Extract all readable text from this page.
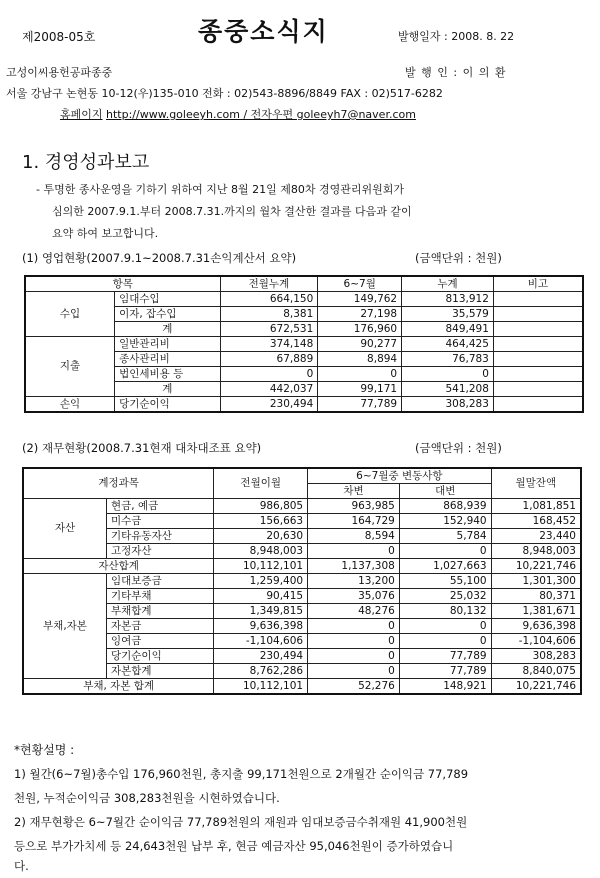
제2008-05호	종중소식지	발행일자 : 2008. 8. 22
고성이씨용헌공파종중	발 행 인 : 이 의 환
서울 강남구 논현동 10-12(우)135-010 전화 : 02)543-8896/8849 FAX : 02)517-6282
홈페이지 http://www.goleeyh.com / 전자우편 goleeyh7@naver.com
1. 경영성과보고
- 투명한 종사운영을 기하기 위하여 지난 8월 21일 제80차 경영관리위원회가
심의한 2007.9.1.부터 2008.7.31.까지의 월차 결산한 결과를 다음과 같이
요약 하여 보고합니다.
(1) 영업현황(2007.9.1~2008.7.31손익계산서 요약)	(금액단위 : 천원)
항목		전월누계	6~7월	누계	비고
수입	임대수입	664,150	149,762	813,912	
	이자, 잡수입	8,381	27,198	35,579	
	계	672,531	176,960	849,491	
지출	일반관리비	374,148	90,277	464,425	
	종사관리비	67,889	8,894	76,783	
	법인세비용 등	0	0	0	
	계	442,037	99,171	541,208	
손익	당기순이익	230,494	77,789	308,283	
(2) 재무현황(2008.7.31현재 대차대조표 요약)	(금액단위 : 천원)
계정과목		전월이월	6~7월중 변동사항		월말잔액
			차변	대변	
자산	현금, 예금	986,805	963,985	868,939	1,081,851
	미수금	156,663	164,729	152,940	168,452
	기타유동자산	20,630	8,594	5,784	23,440
	고정자산	8,948,003	0	0	8,948,003
자산합계		10,112,101	1,137,308	1,027,663	10,221,746
부채,자본	임대보증금	1,259,400	13,200	55,100	1,301,300
	기타부채	90,415	35,076	25,032	80,371
	부채합계	1,349,815	48,276	80,132	1,381,671
	자본금	9,636,398	0	0	9,636,398
	잉여금	-1,104,606	0	0	-1,104,606
	당기순이익	230,494	0	77,789	308,283
	자본합계	8,762,286	0	77,789	8,840,075
부채, 자본 합계		10,112,101	52,276	148,921	10,221,746
*현황설명 :
1) 월간(6~7월)총수입 176,960천원, 총지출 99,171천원으로 2개월간 순이익금 77,789
천원, 누적순이익금 308,283천원을 시현하였습니다.
2) 재무현황은 6~7월간 순이익금 77,789천원의 재원과 임대보증금수취재원 41,900천원
등으로 부가가치세 등 24,643천원 납부 후, 현금 예금자산 95,046천원이 증가하였습니
다.
